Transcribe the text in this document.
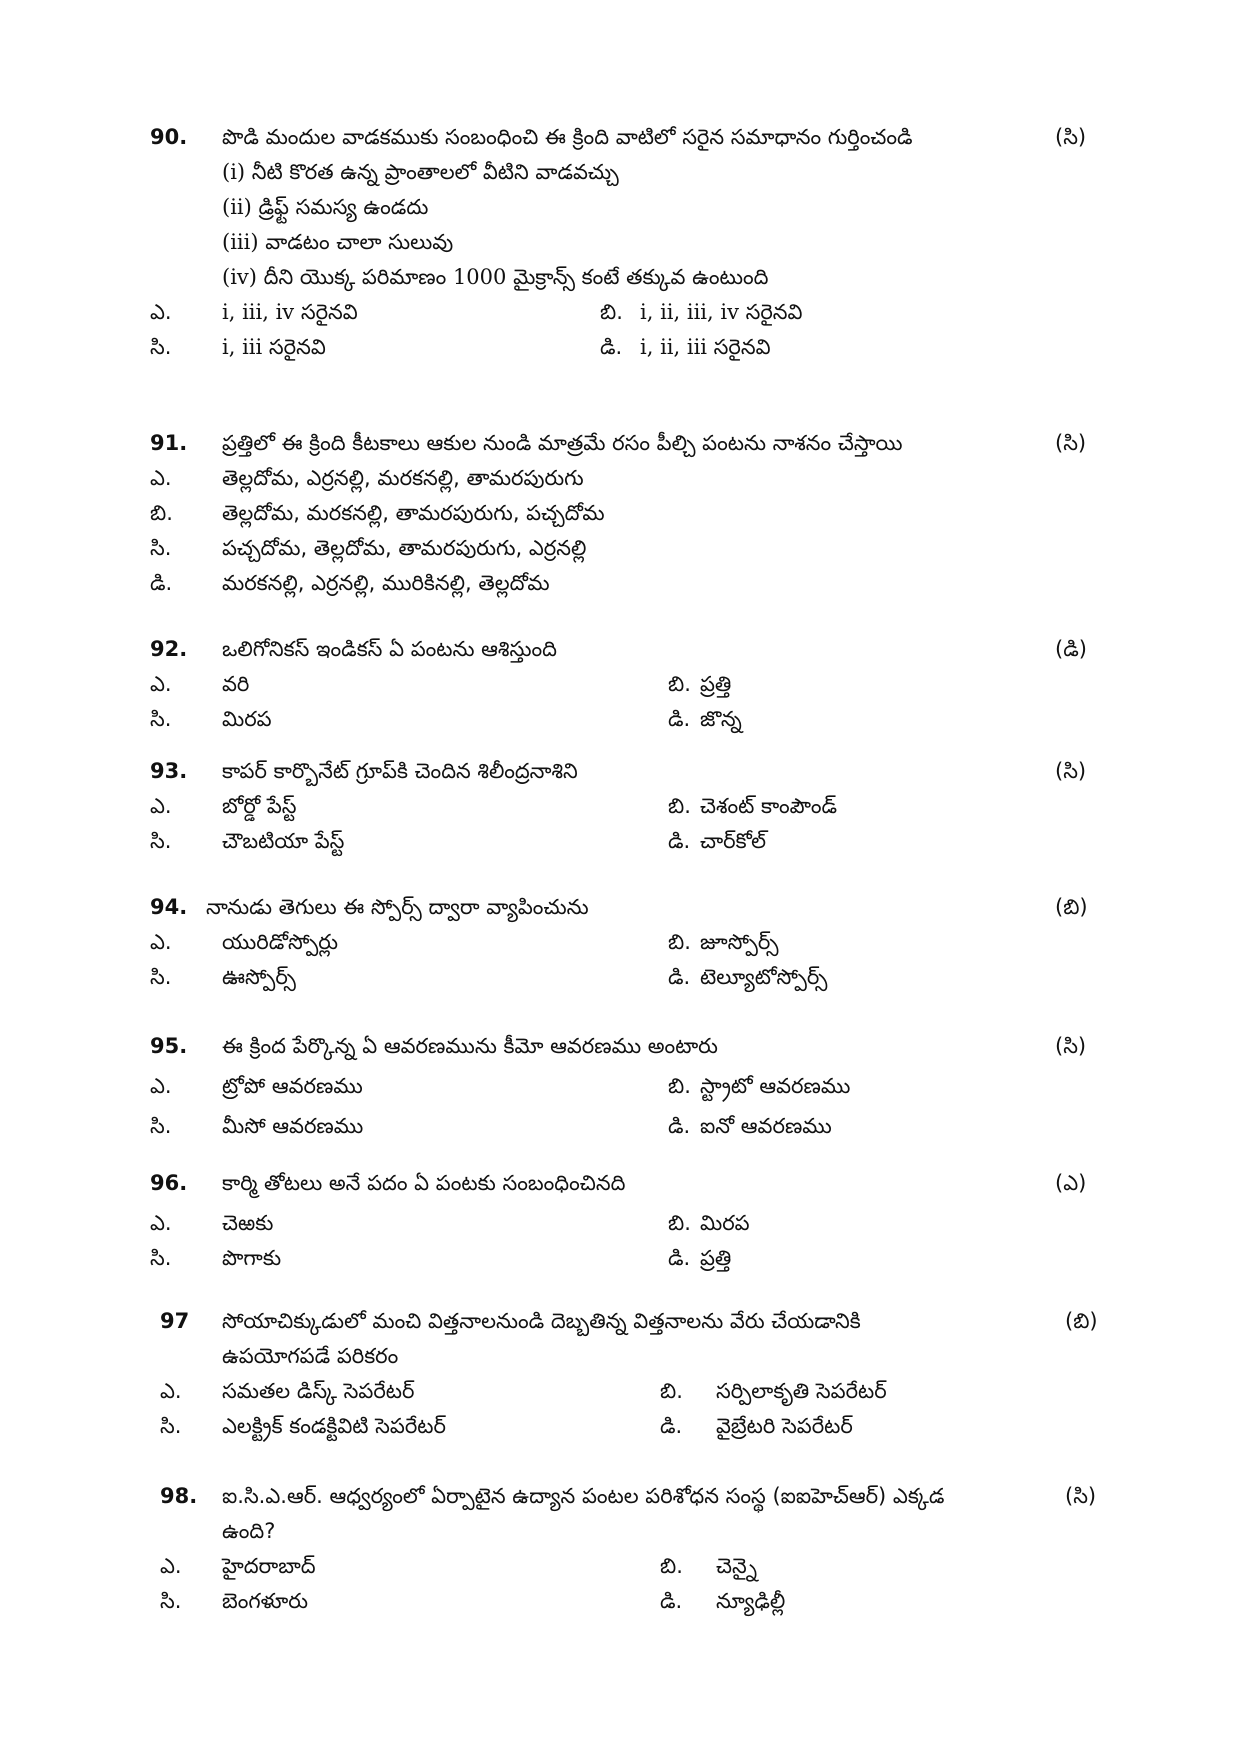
90. పొడి మందుల వాడకముకు సంబంధించి ఈ క్రింది వాటిలో సరైన సమాధానం గుర్తించండి	(సి)
(i) నీటి కొరత ఉన్న ప్రాంతాలలో వీటిని వాడవచ్చు
(ii) డ్రిఫ్ట్ సమస్య ఉండదు
(iii) వాడటం చాలా సులువు
(iv) దీని యొక్క పరిమాణం 1000 మైక్రాన్స్ కంటే తక్కువ ఉంటుంది
ఎ. i, iii, iv సరైనవి	బి. i, ii, iii, iv సరైనవి
సి. i, iii సరైనవి	డి. i, ii, iii సరైనవి
91. ప్రత్తిలో ఈ క్రింది కీటకాలు ఆకుల నుండి మాత్రమే రసం పీల్చి పంటను నాశనం చేస్తాయి	(సి)
ఎ. తెల్లదోమ, ఎర్రనల్లి, మరకనల్లి, తామరపురుగు
బి. తెల్లదోమ, మరకనల్లి, తామరపురుగు, పచ్చదోమ
సి. పచ్చదోమ, తెల్లదోమ, తామరపురుగు, ఎర్రనల్లి
డి. మరకనల్లి, ఎర్రనల్లి, మురికినల్లి, తెల్లదోమ
92. ఒలిగోనికస్ ఇండికస్ ఏ పంటను ఆశిస్తుంది	(డి)
ఎ. వరి	బి. ప్రత్తి
సి. మిరప	డి. జొన్న
93. కాపర్ కార్బొనేట్ గ్రూప్‌కి చెందిన శిలీంద్రనాశిని	(సి)
ఎ. బోర్డో పేస్ట్	బి. చెశంట్ కాంపౌండ్
సి. చౌబటియా పేస్ట్	డి. చార్‌కోల్
94. నానుడు తెగులు ఈ స్పోర్స్ ద్వారా వ్యాపించును	(బి)
ఎ. యురిడోస్పోర్లు	బి. జూస్పోర్స్
సి. ఊస్పోర్స్	డి. టెల్యూటోస్పోర్స్
95. ఈ క్రింద పేర్కొన్న ఏ ఆవరణమును కీమో ఆవరణము అంటారు	(సి)
ఎ. ట్రోపో ఆవరణము	బి. స్ట్రాటో ఆవరణము
సి. మీసో ఆవరణము	డి. ఐనో ఆవరణము
96. కార్మి తోటలు అనే పదం ఏ పంటకు సంబంధించినది	(ఎ)
ఎ. చెఱకు	బి. మిరప
సి. పొగాకు	డి. ప్రత్తి
97 సోయాచిక్కుడులో మంచి విత్తనాలనుండి దెబ్బతిన్న విత్తనాలను వేరు చేయడానికి	(బి)
ఉపయోగపడే పరికరం
ఎ. సమతల డిస్క్ సెపరేటర్	బి. సర్పిలాకృతి సెపరేటర్
సి. ఎలక్ట్రిక్ కండక్టివిటి సెపరేటర్	డి. వైబ్రేటరి సెపరేటర్
98. ఐ.సి.ఎ.ఆర్. ఆధ్వర్యంలో ఏర్పాటైన ఉద్యాన పంటల పరిశోధన సంస్థ (ఐఐహెచ్ఆర్) ఎక్కడ	(సి)
ఉంది?
ఎ. హైదరాబాద్	బి. చెన్నై
సి. బెంగళూరు	డి. న్యూఢిల్లీ
